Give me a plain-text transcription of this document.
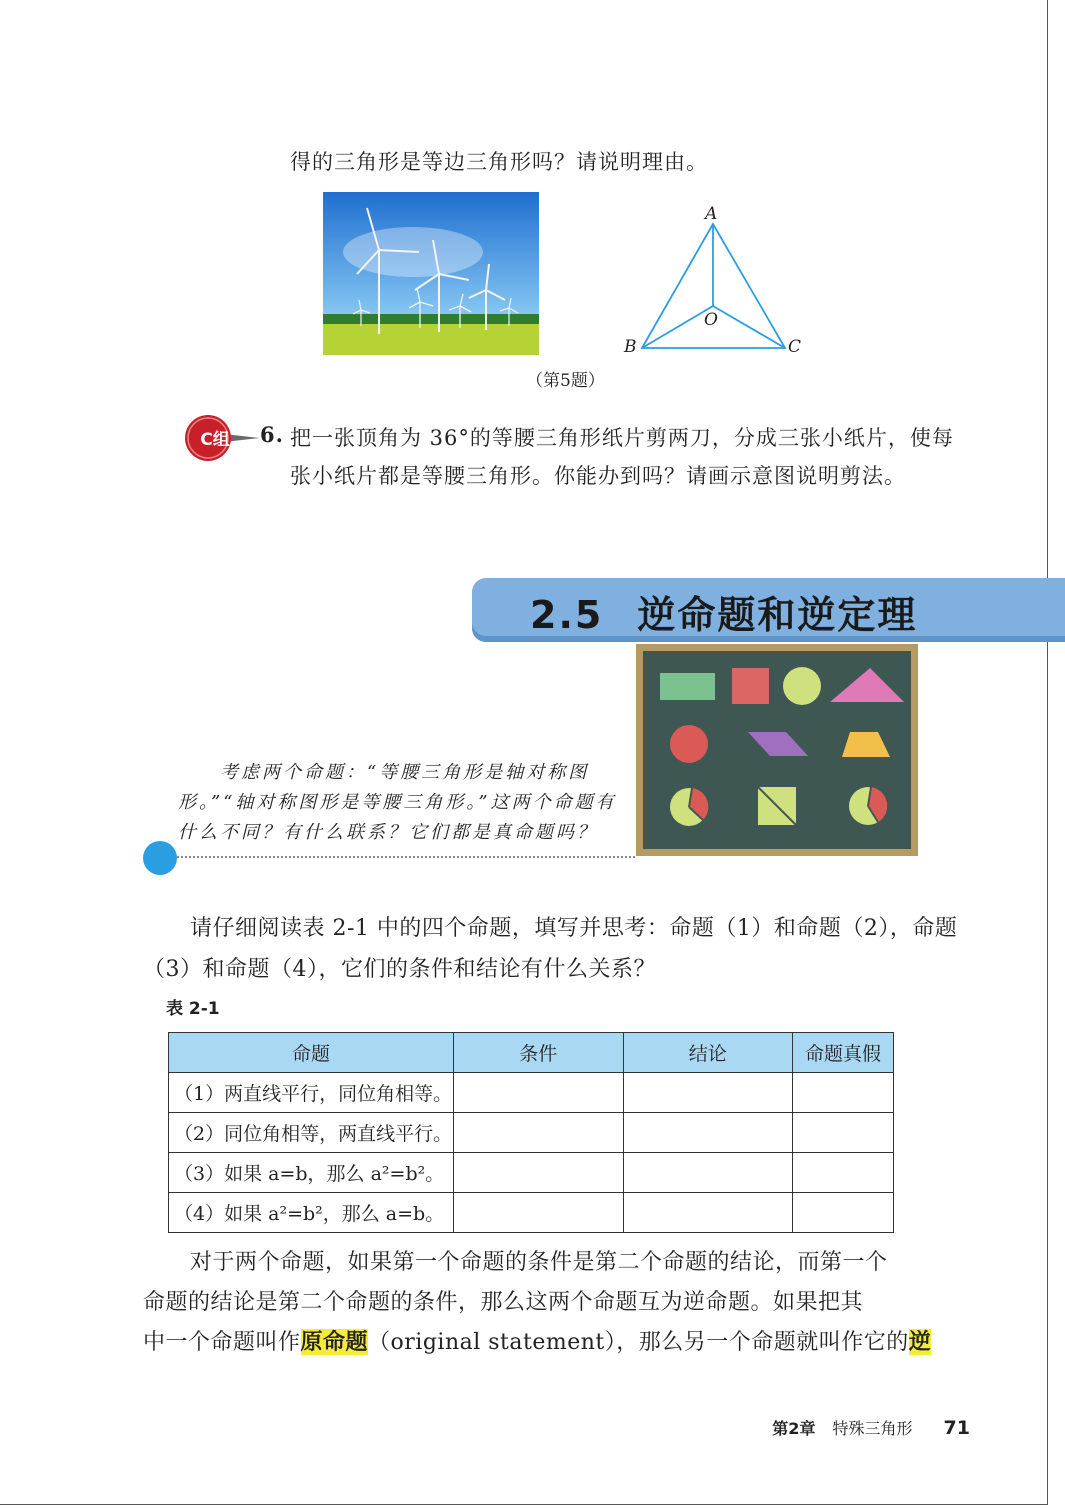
得的三角形是等边三角形吗？请说明理由。
A
B	C
O
（第5题）
C组	6. 把一张顶角为 36°的等腰三角形纸片剪两刀，分成三张小纸片，使每
张小纸片都是等腰三角形。你能办到吗？请画示意图说明剪法。
2.5 逆命题和逆定理
考虑两个命题：“等腰三角形是轴对称图
形。”“轴对称图形是等腰三角形。”这两个命题有
什么不同？有什么联系？它们都是真命题吗？
请仔细阅读表 2-1 中的四个命题，填写并思考：命题（1）和命题（2），命题
（3）和命题（4），它们的条件和结论有什么关系？
表 2-1
命题	条件	结论	命题真假
（1）两直线平行，同位角相等。			
（2）同位角相等，两直线平行。			
（3）如果 a=b，那么 a²=b²。			
（4）如果 a²=b²，那么 a=b。			
对于两个命题，如果第一个命题的条件是第二个命题的结论，而第一个
命题的结论是第二个命题的条件，那么这两个命题互为逆命题。如果把其
中一个命题叫作原命题（original statement），那么另一个命题就叫作它的逆
第2章 特殊三角形 71
